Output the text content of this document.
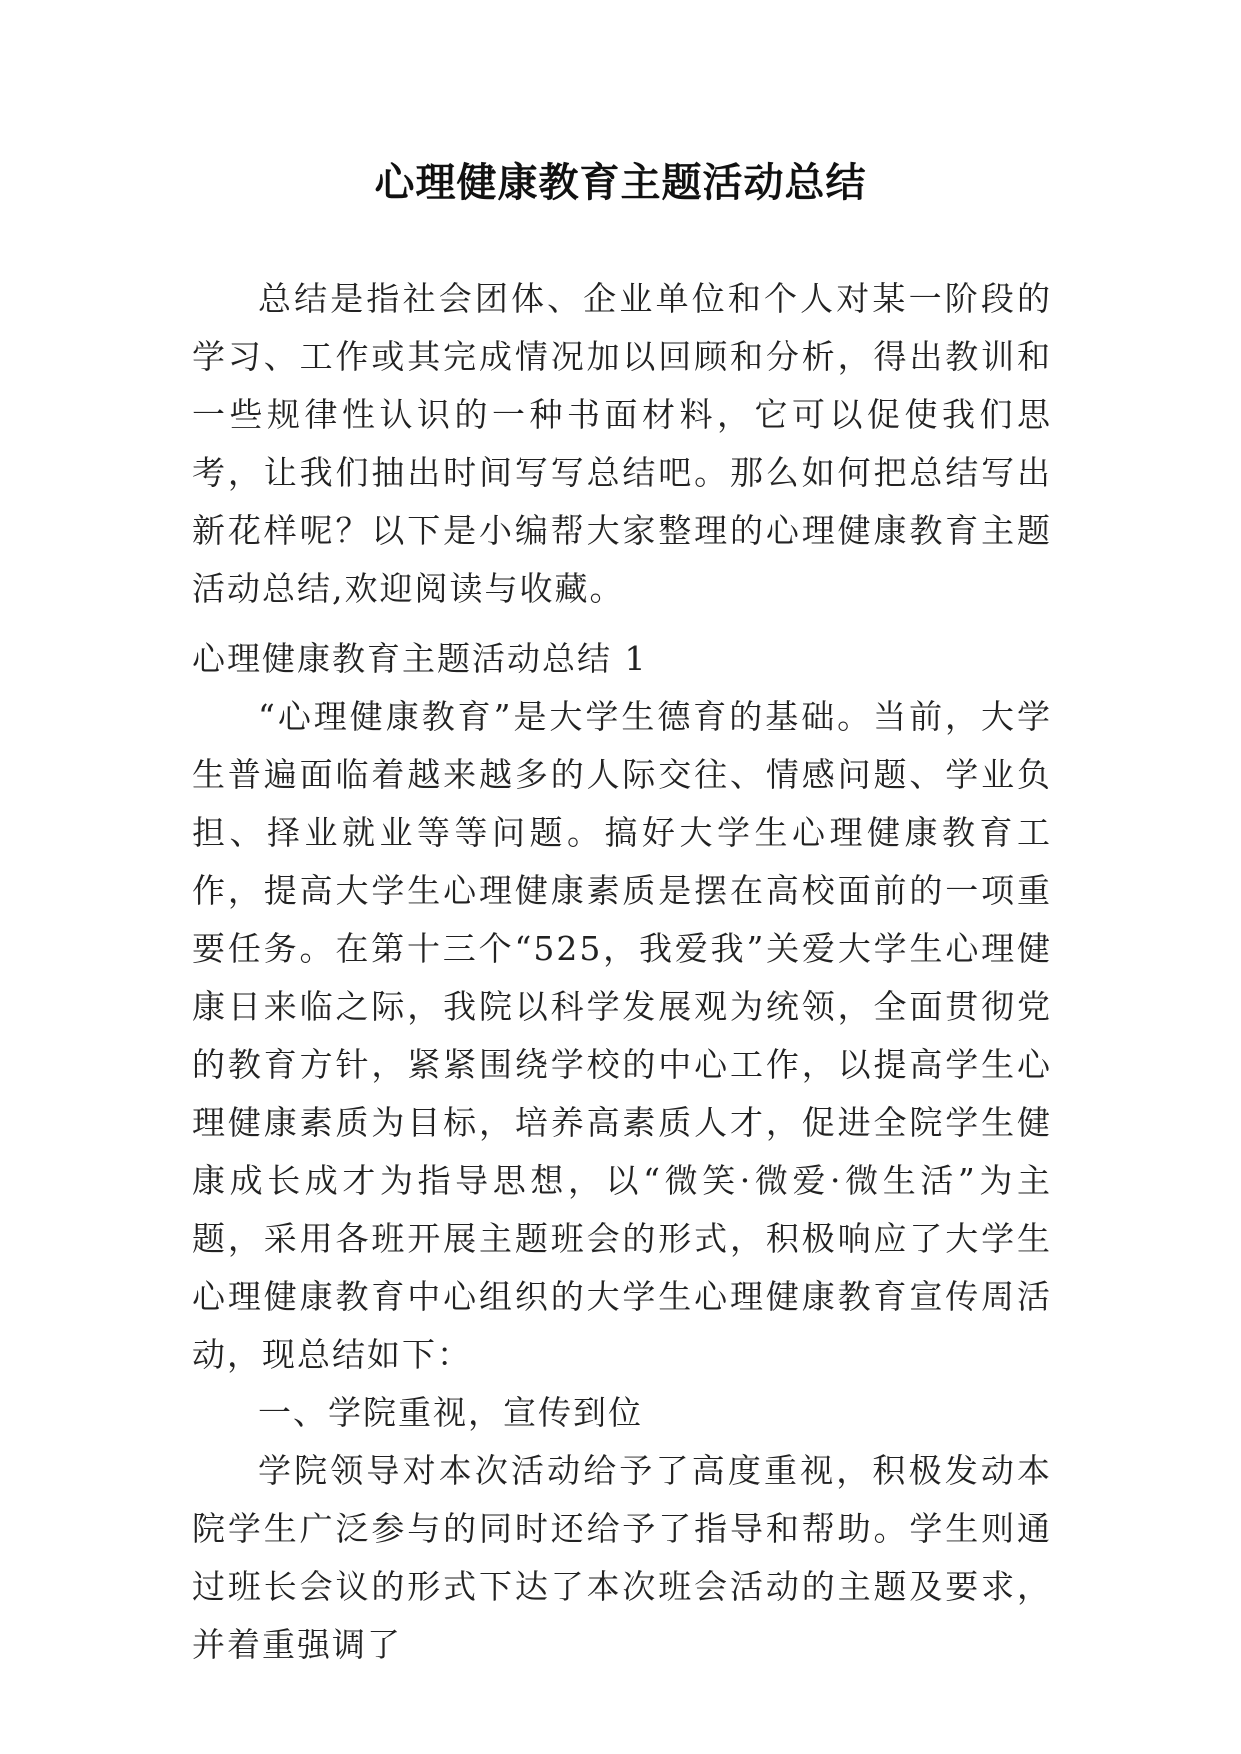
心理健康教育主题活动总结

总结是指社会团体、企业单位和个人对某一阶段的学习、工作或其完成情况加以回顾和分析，得出教训和一些规律性认识的一种书面材料，它可以促使我们思考，让我们抽出时间写写总结吧。那么如何把总结写出新花样呢？以下是小编帮大家整理的心理健康教育主题活动总结,欢迎阅读与收藏。

心理健康教育主题活动总结 1

“心理健康教育”是大学生德育的基础。当前，大学生普遍面临着越来越多的人际交往、情感问题、学业负担、择业就业等等问题。搞好大学生心理健康教育工作，提高大学生心理健康素质是摆在高校面前的一项重要任务。在第十三个“525，我爱我”关爱大学生心理健康日来临之际，我院以科学发展观为统领，全面贯彻党的教育方针，紧紧围绕学校的中心工作，以提高学生心理健康素质为目标，培养高素质人才，促进全院学生健康成长成才为指导思想，以“微笑·微爱·微生活”为主题，采用各班开展主题班会的形式，积极响应了大学生心理健康教育中心组织的大学生心理健康教育宣传周活动，现总结如下：

一、学院重视，宣传到位

学院领导对本次活动给予了高度重视，积极发动本院学生广泛参与的同时还给予了指导和帮助。学生则通过班长会议的形式下达了本次班会活动的主题及要求，并着重强调了
